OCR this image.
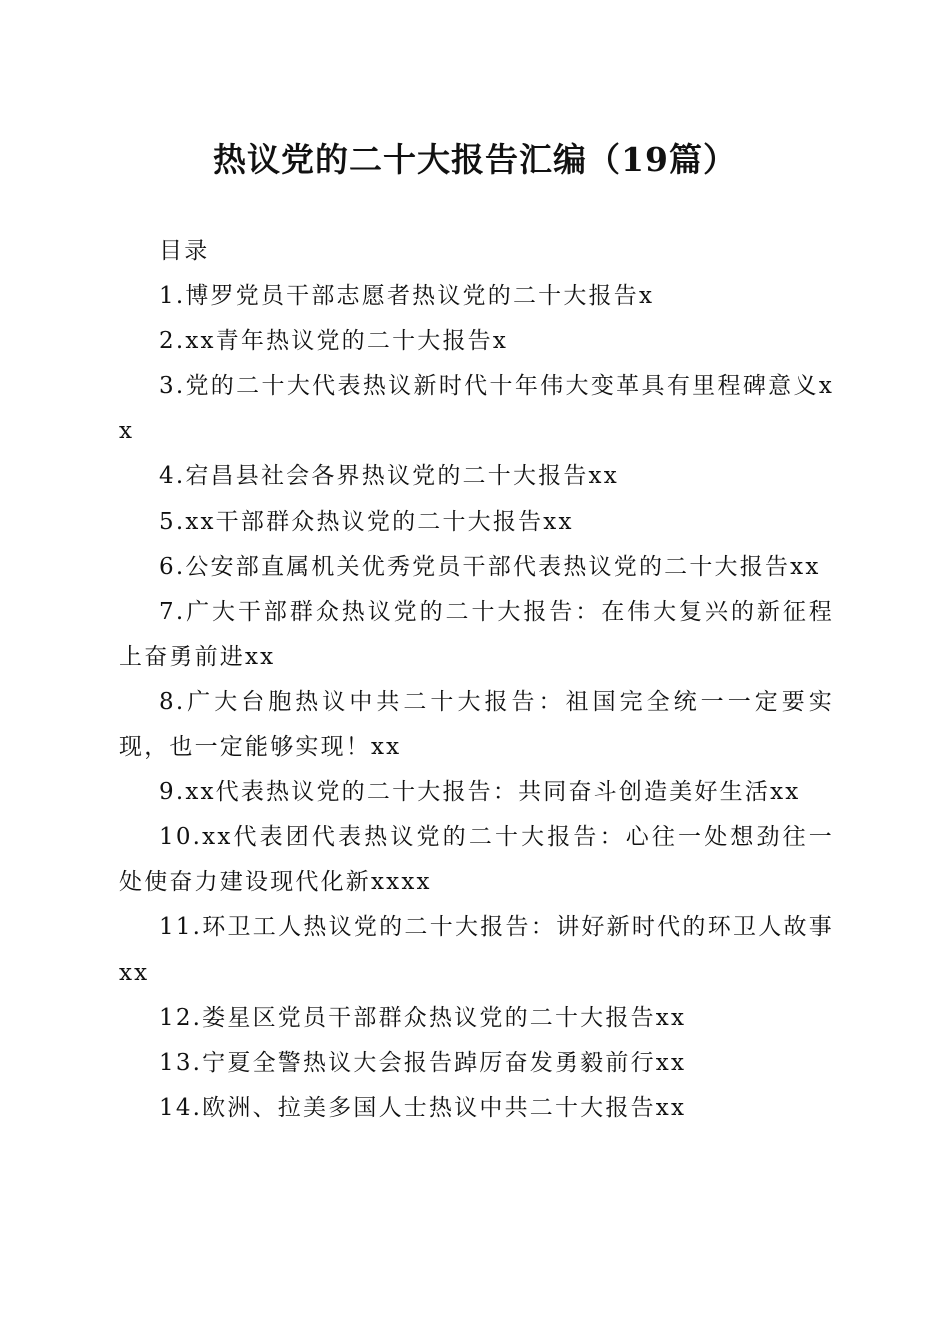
热议党的二十大报告汇编（19篇）

目录

1.博罗党员干部志愿者热议党的二十大报告x

2.xx青年热议党的二十大报告x

3.党的二十大代表热议新时代十年伟大变革具有里程碑意义xx

4.宕昌县社会各界热议党的二十大报告xx

5.xx干部群众热议党的二十大报告xx

6.公安部直属机关优秀党员干部代表热议党的二十大报告xx

7.广大干部群众热议党的二十大报告：在伟大复兴的新征程上奋勇前进xx

8.广大台胞热议中共二十大报告：祖国完全统一一定要实现，也一定能够实现！xx

9.xx代表热议党的二十大报告：共同奋斗创造美好生活xx

10.xx代表团代表热议党的二十大报告：心往一处想劲往一处使奋力建设现代化新xxxx

11.环卫工人热议党的二十大报告：讲好新时代的环卫人故事xx

12.娄星区党员干部群众热议党的二十大报告xx

13.宁夏全警热议大会报告踔厉奋发勇毅前行xx

14.欧洲、拉美多国人士热议中共二十大报告xx
